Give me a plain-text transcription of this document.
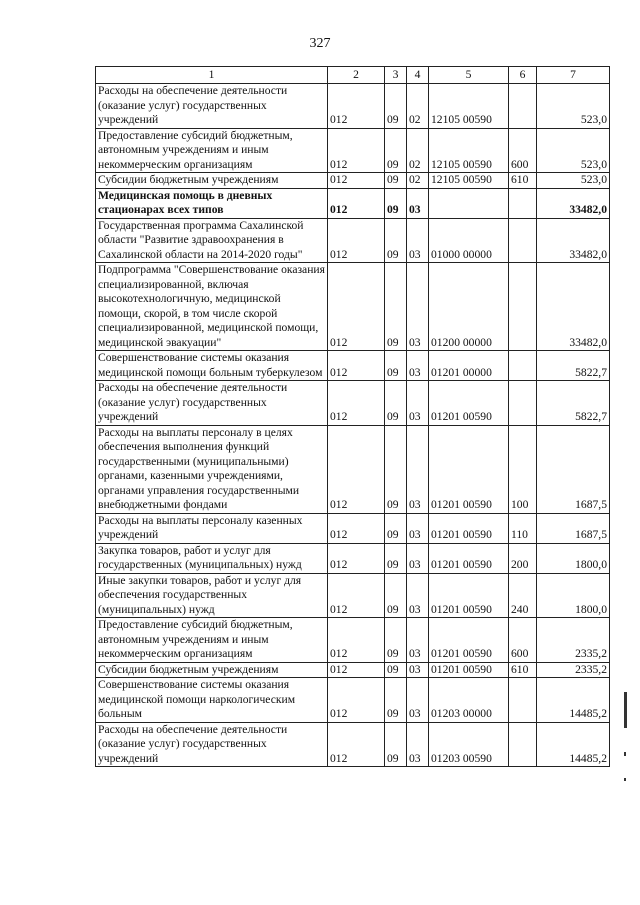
327
1	2	3	4	5	6	7
Расходы на обеспечение деятельности (оказание услуг) государственных учреждений	012	09	02	12105 00590		523,0
Предоставление субсидий бюджетным, автономным учреждениям и иным некоммерческим организациям	012	09	02	12105 00590	600	523,0
Субсидии бюджетным учреждениям	012	09	02	12105 00590	610	523,0
Медицинская помощь в дневных стационарах всех типов	012	09	03			33482,0
Государственная программа Сахалинской области "Развитие здравоохранения в Сахалинской области на 2014-2020 годы"	012	09	03	01000 00000		33482,0
Подпрограмма "Совершенствование оказания специализированной, включая высокотехнологичную, медицинской помощи, скорой, в том числе скорой специализированной, медицинской помощи, медицинской эвакуации"	012	09	03	01200 00000		33482,0
Совершенствование системы оказания медицинской помощи больным туберкулезом	012	09	03	01201 00000		5822,7
Расходы на обеспечение деятельности (оказание услуг) государственных учреждений	012	09	03	01201 00590		5822,7
Расходы на выплаты персоналу в целях обеспечения выполнения функций государственными (муниципальными) органами, казенными учреждениями, органами управления государственными внебюджетными фондами	012	09	03	01201 00590	100	1687,5
Расходы на выплаты персоналу казенных учреждений	012	09	03	01201 00590	110	1687,5
Закупка товаров, работ и услуг для государственных (муниципальных) нужд	012	09	03	01201 00590	200	1800,0
Иные закупки товаров, работ и услуг для обеспечения государственных (муниципальных) нужд	012	09	03	01201 00590	240	1800,0
Предоставление субсидий бюджетным, автономным учреждениям и иным некоммерческим организациям	012	09	03	01201 00590	600	2335,2
Субсидии бюджетным учреждениям	012	09	03	01201 00590	610	2335,2
Совершенствование системы оказания медицинской помощи наркологическим больным	012	09	03	01203 00000		14485,2
Расходы на обеспечение деятельности (оказание услуг) государственных учреждений	012	09	03	01203 00590		14485,2
